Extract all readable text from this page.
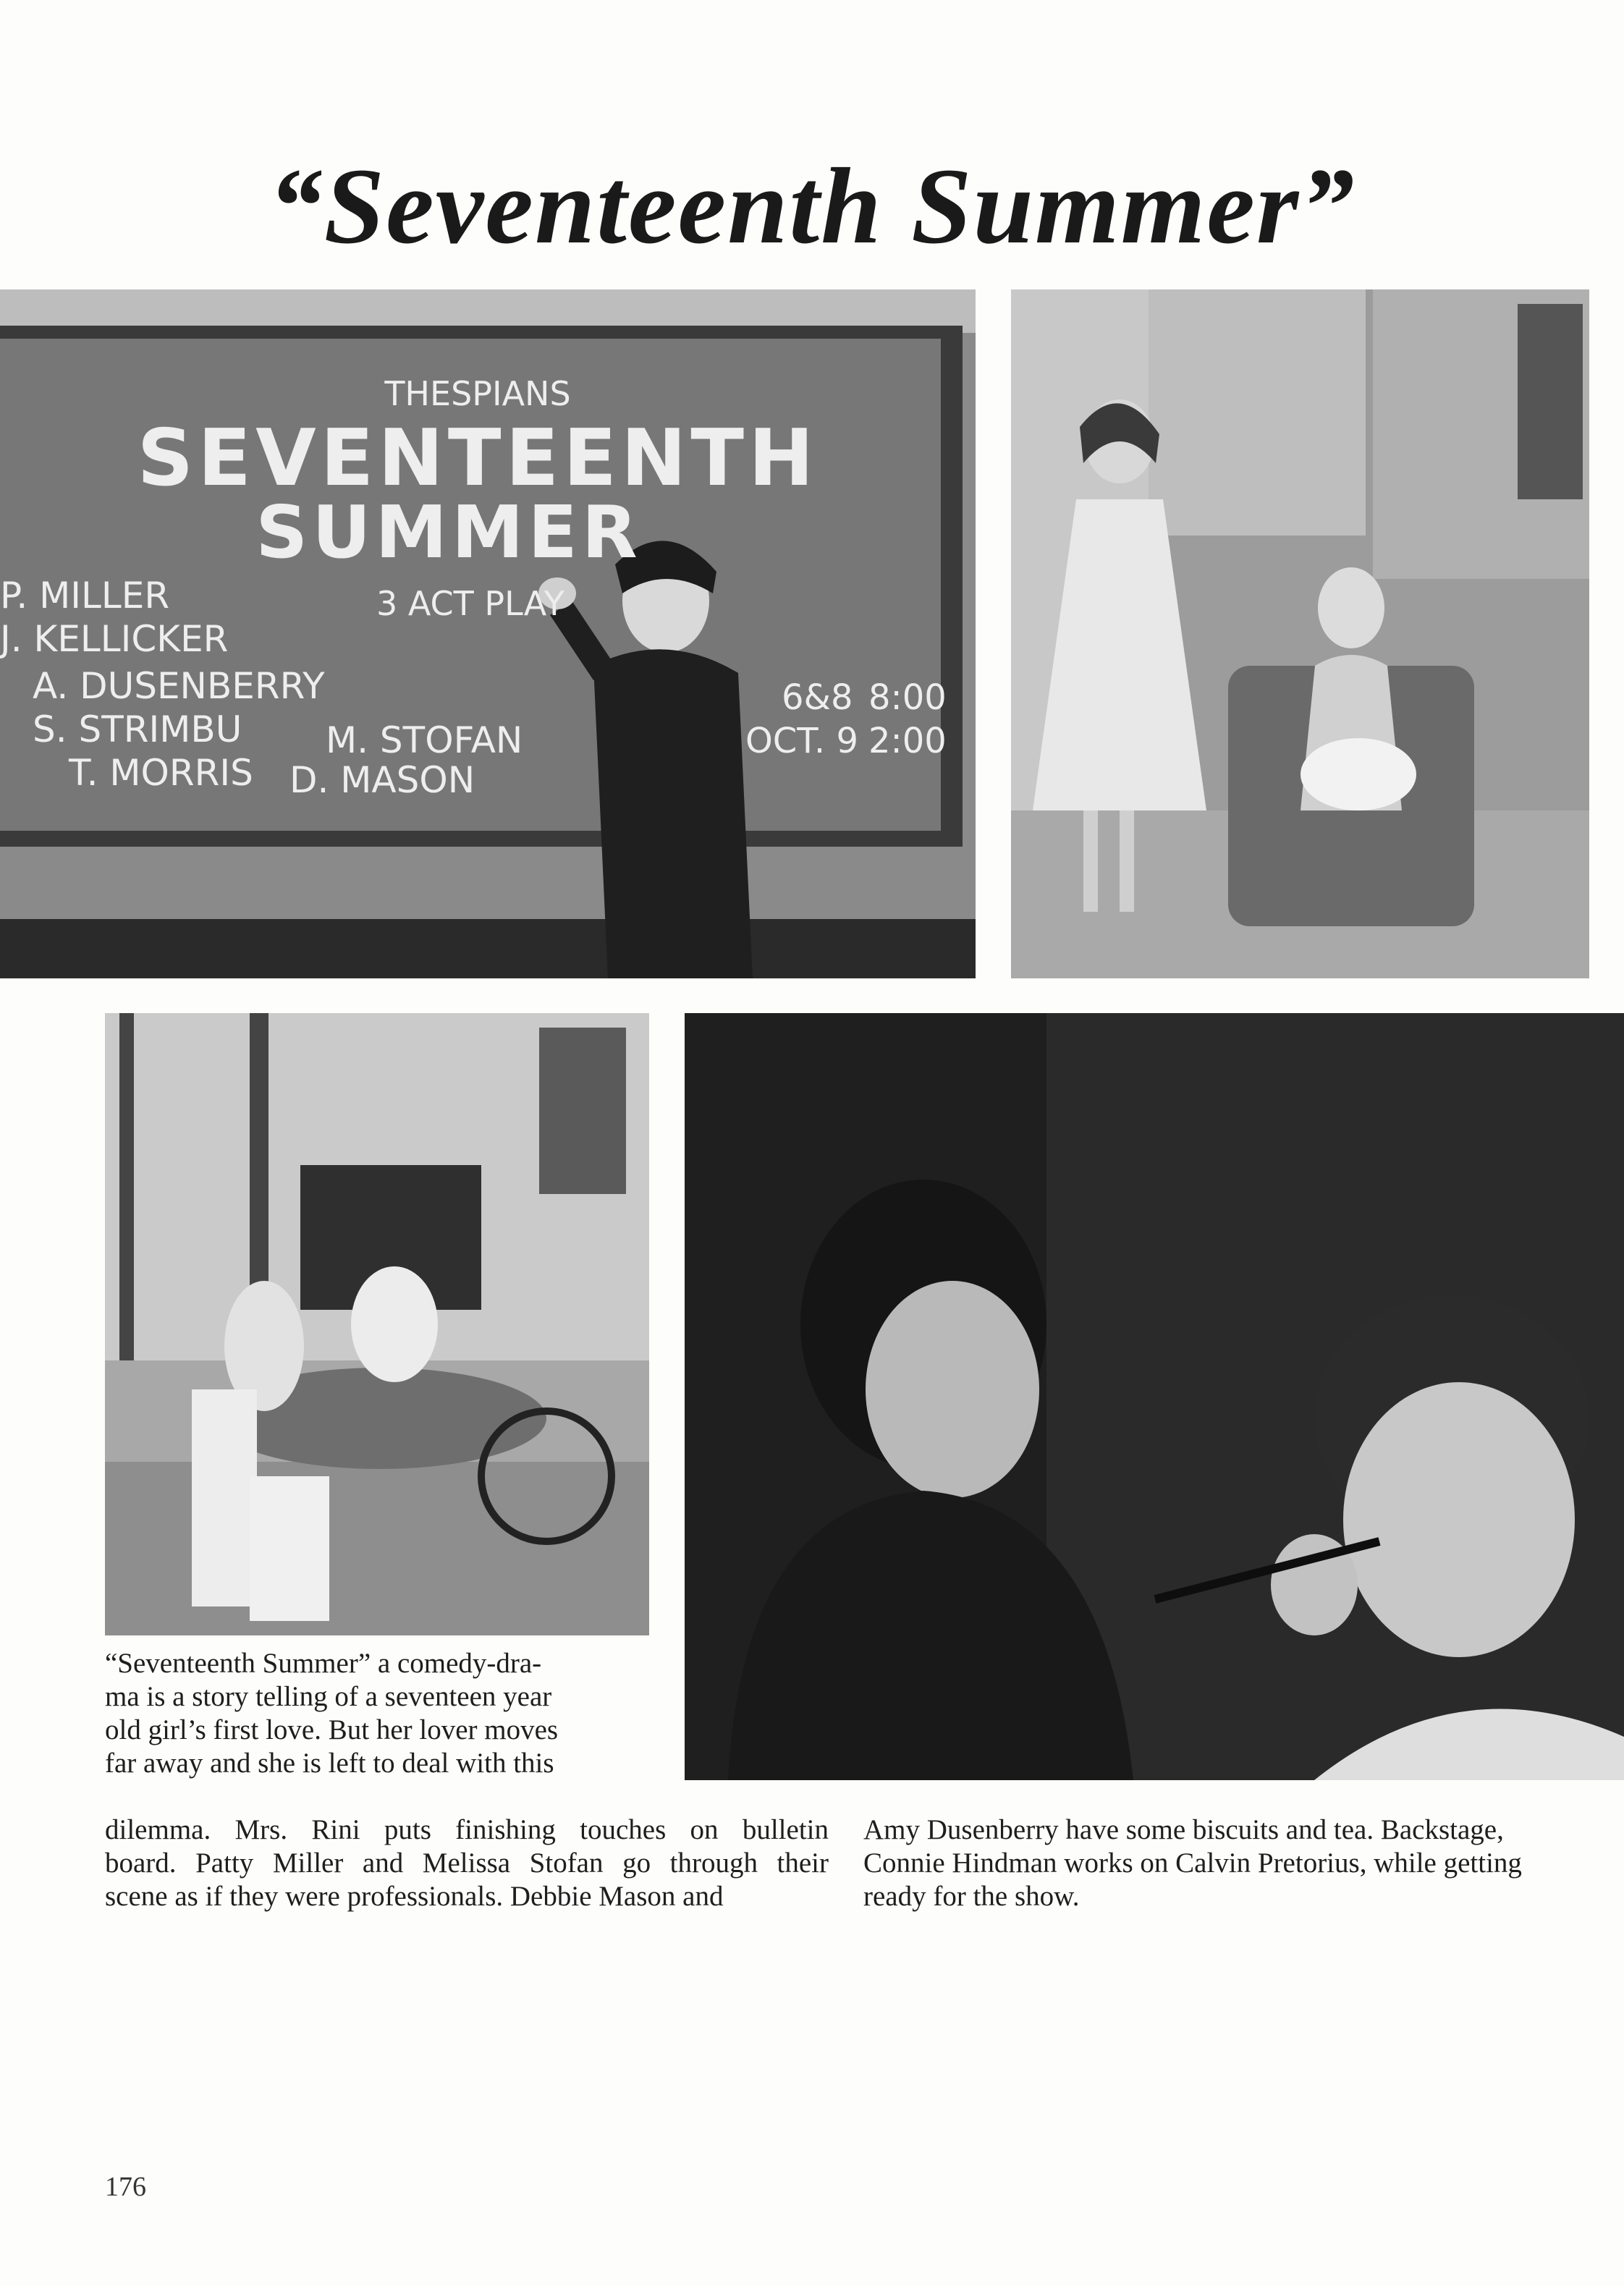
“Seventeenth Summer”
THESPIANS
SEVENTEENTH
SUMMER
3 ACT PLAY
P. MILLER
J. KELLICKER
A. DUSENBERRY
S. STRIMBU
T. MORRIS
M. STOFAN
D. MASON
6&8
OCT. 9
8:00
2:00
“Seventeenth Summer” a comedy-dra-
ma is a story telling of a seventeen year
old girl’s first love. But her lover moves
far away and she is left to deal with this
dilemma. Mrs. Rini puts finishing touches on bulletin
board. Patty Miller and Melissa Stofan go through their
scene as if they were professionals. Debbie Mason and
Amy Dusenberry have some biscuits and tea. Backstage,
Connie Hindman works on Calvin Pretorius, while getting
ready for the show.
176
